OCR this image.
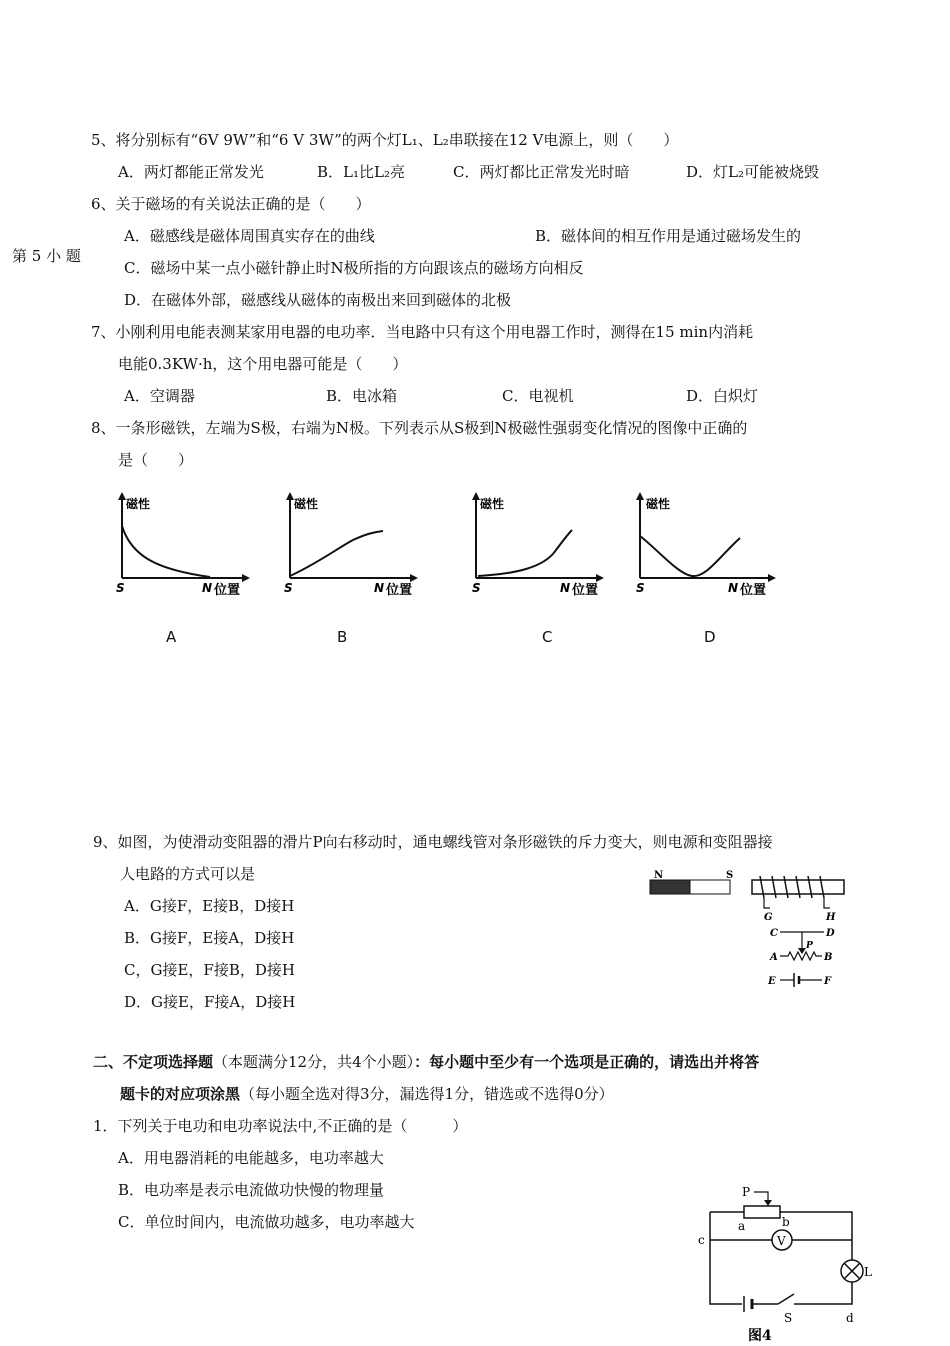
第 5 小 题
5、将分别标有“6V 9W”和“6 V 3W”的两个灯L₁、L₂串联接在12 V电源上，则（　　）
A．两灯都能正常发光	B．L₁比L₂亮	C．两灯都比正常发光时暗	D．灯L₂可能被烧毁
6、关于磁场的有关说法正确的是（　　）
A．磁感线是磁体周围真实存在的曲线	B．磁体间的相互作用是通过磁场发生的
C．磁场中某一点小磁针静止时N极所指的方向跟该点的磁场方向相反
D．在磁体外部，磁感线从磁体的南极出来回到磁体的北极
7、小刚利用电能表测某家用电器的电功率．当电路中只有这个用电器工作时，测得在15 min内消耗
电能0.3KW·h，这个用电器可能是（　　）
A．空调器	B．电冰箱	C．电视机	D．白炽灯
8、一条形磁铁，左端为S极，右端为N极。下列表示从S极到N极磁性强弱变化情况的图像中正确的
是（　　）
磁性
S	N 位置
磁性
S	N 位置
磁性
S	N 位置
磁性
S	N 位置
A	B	C	D
9、如图，为使滑动变阻器的滑片P向右移动时，通电螺线管对条形磁铁的斥力变大，则电源和变阻器接
人电路的方式可以是
A．G接F，E接B，D接H
B．G接F，E接A，D接H
C，G接E，F接B，D接H
D．G接E，F接A，D接H
N	S
G	H
C	D
P
A	B
E	F
二、不定项选择题（本题满分12分，共4个小题）：每小题中至少有一个选项是正确的，请选出并将答
题卡的对应项涂黑（每小题全选对得3分，漏选得1分，错选或不选得0分）
1．下列关于电功和电功率说法中,不正确的是（　　　）
A．用电器消耗的电能越多，电功率越大
B．电功率是表示电流做功快慢的物理量
C．单位时间内，电流做功越多，电功率越大
P
a	b
V
c
L
d
S
图4
